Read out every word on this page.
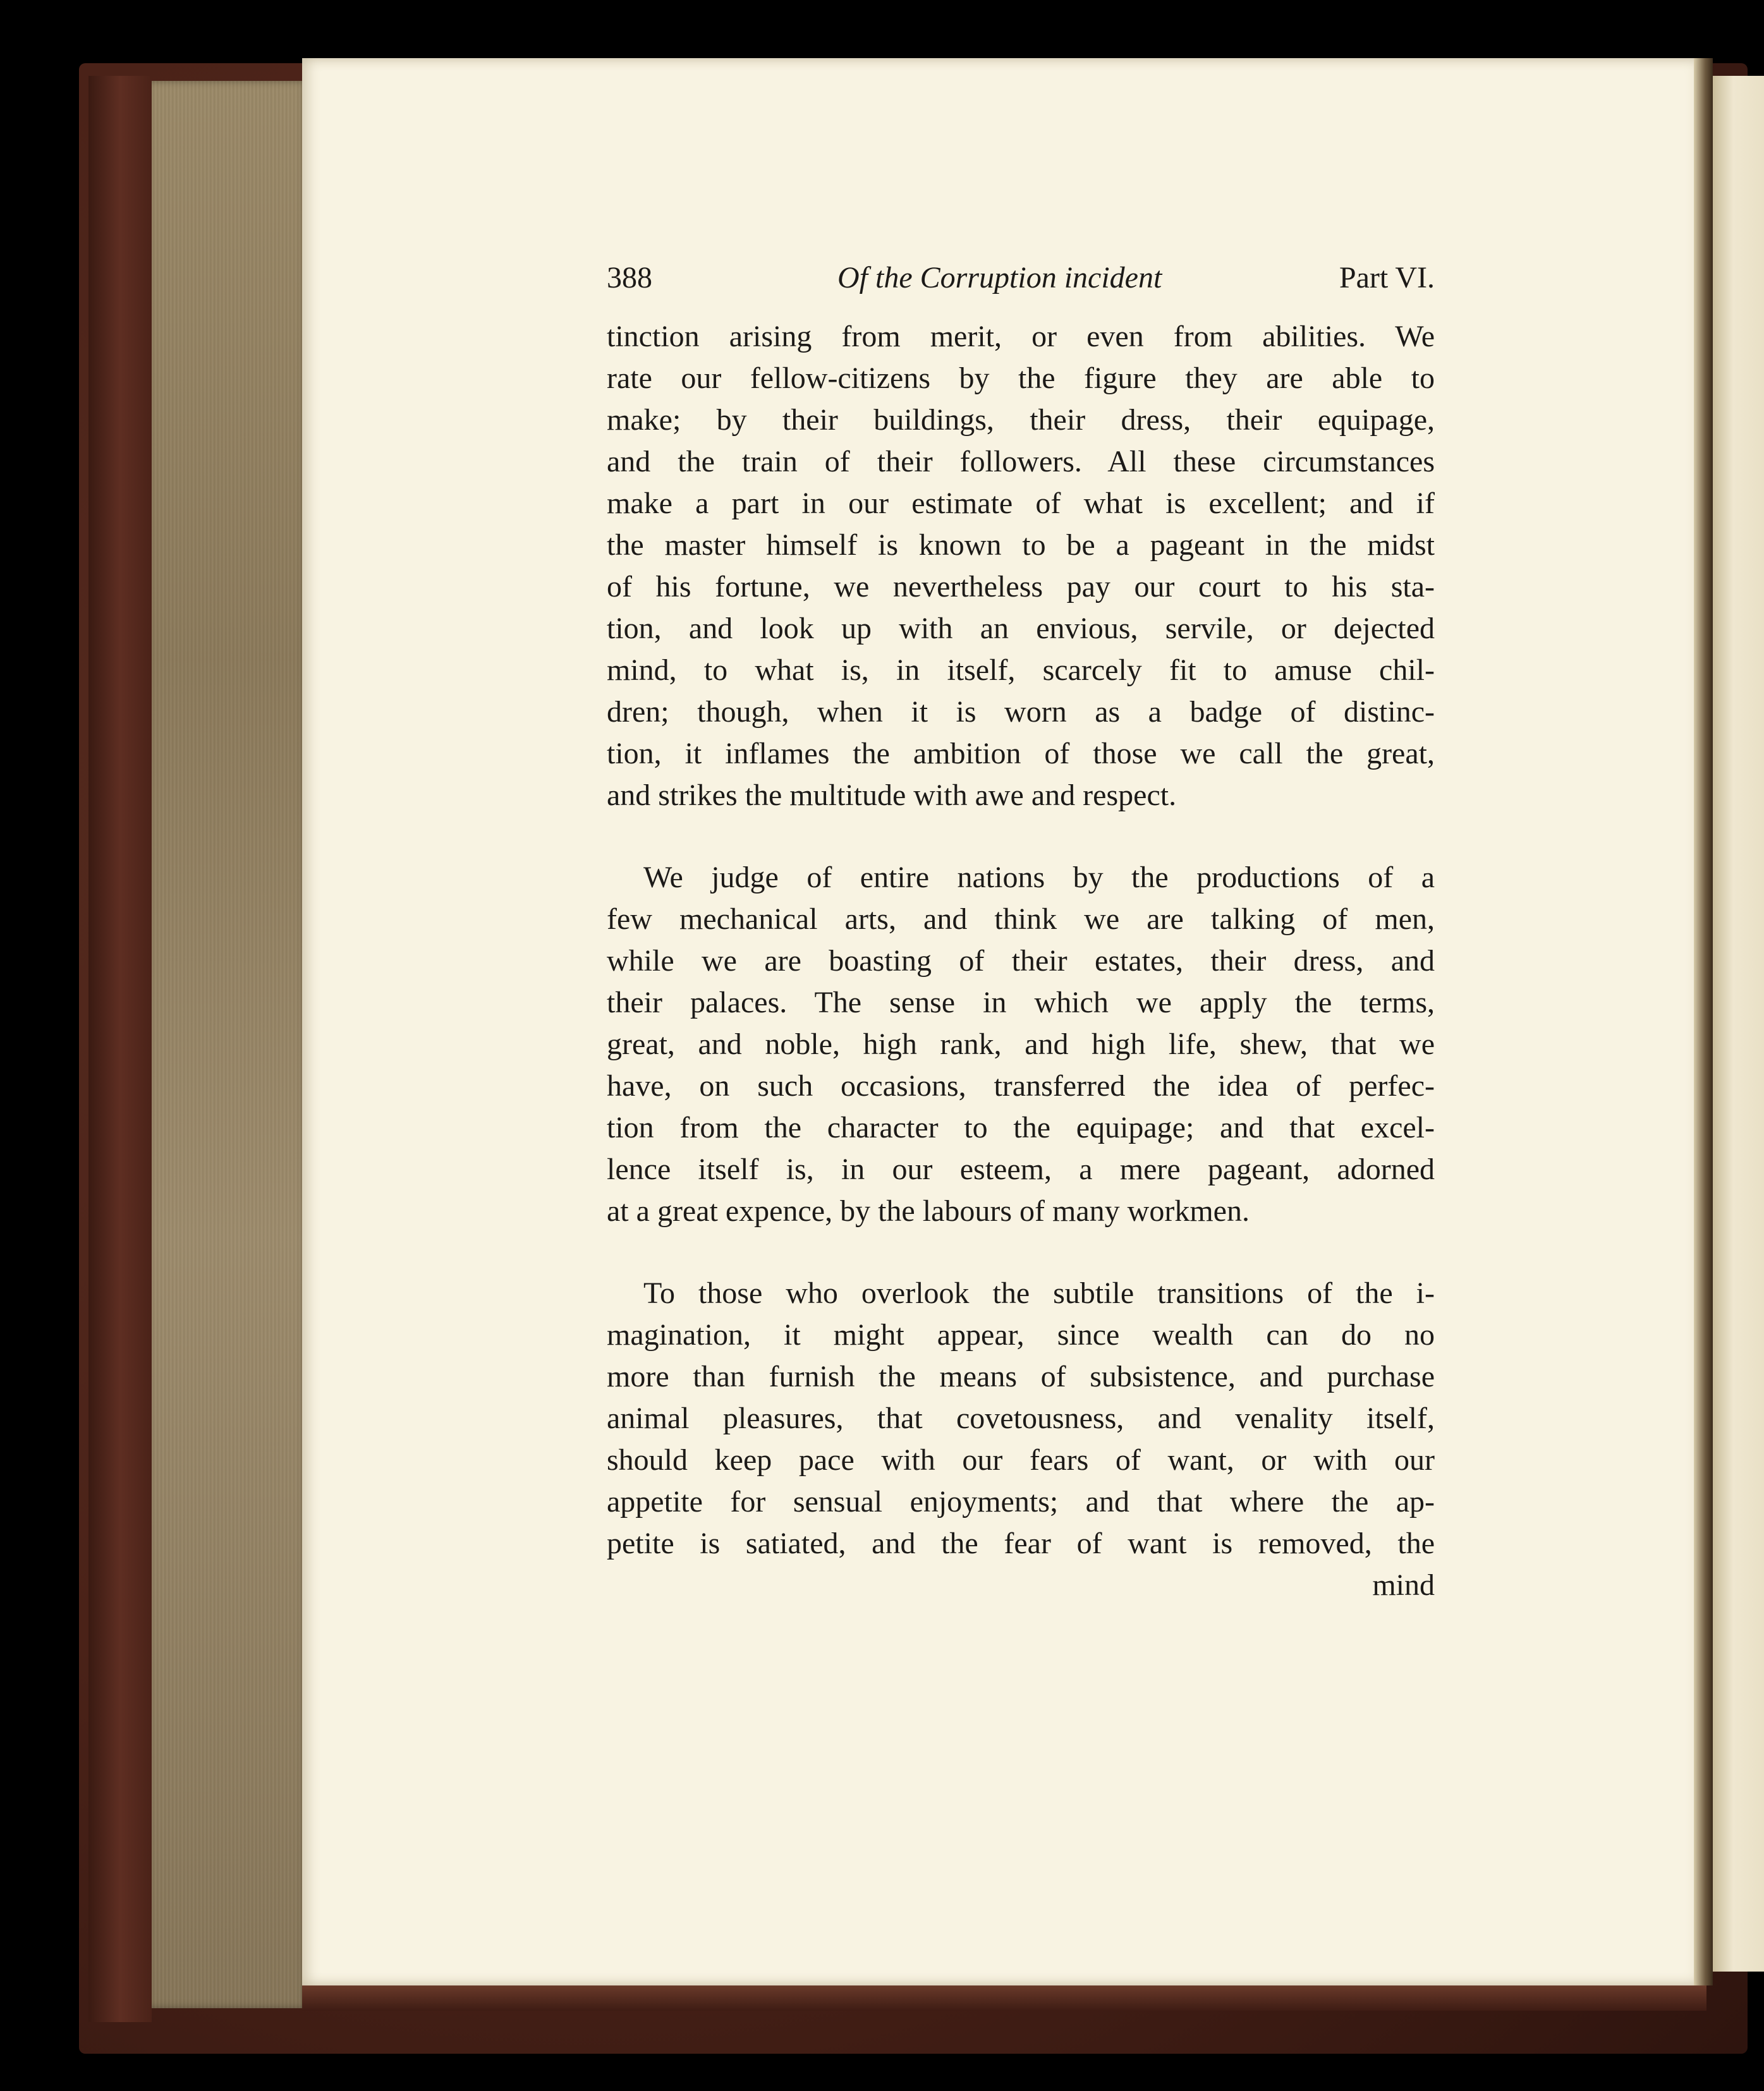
388	Of the Corruption incident	Part VI.
tinction arising from merit, or even from abilities. We
rate our fellow-citizens by the figure they are able to
make; by their buildings, their dress, their equipage,
and the train of their followers. All these circumstances
make a part in our estimate of what is excellent; and if
the master himself is known to be a pageant in the midst
of his fortune, we nevertheless pay our court to his sta-
tion, and look up with an envious, servile, or dejected
mind, to what is, in itself, scarcely fit to amuse chil-
dren; though, when it is worn as a badge of distinc-
tion, it inflames the ambition of those we call the great,
and strikes the multitude with awe and respect.
We judge of entire nations by the productions of a
few mechanical arts, and think we are talking of men,
while we are boasting of their estates, their dress, and
their palaces. The sense in which we apply the terms,
great, and noble, high rank, and high life, shew, that we
have, on such occasions, transferred the idea of perfec-
tion from the character to the equipage; and that excel-
lence itself is, in our esteem, a mere pageant, adorned
at a great expence, by the labours of many workmen.
To those who overlook the subtile transitions of the i-
magination, it might appear, since wealth can do no
more than furnish the means of subsistence, and purchase
animal pleasures, that covetousness, and venality itself,
should keep pace with our fears of want, or with our
appetite for sensual enjoyments; and that where the ap-
petite is satiated, and the fear of want is removed, the
mind
